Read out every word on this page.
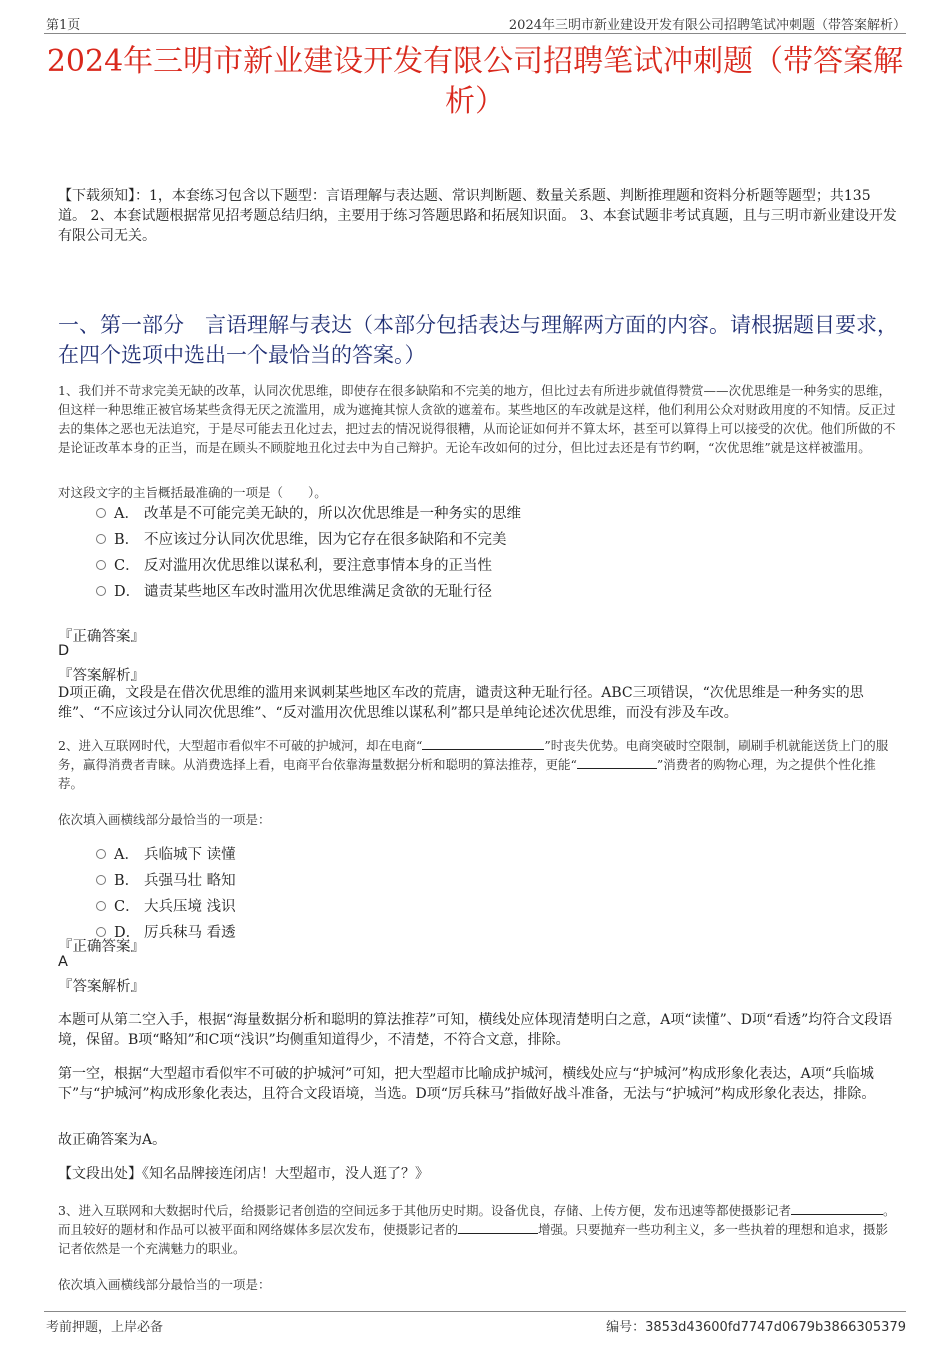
第1页	2024年三明市新业建设开发有限公司招聘笔试冲刺题（带答案解析）
2024年三明市新业建设开发有限公司招聘笔试冲刺题（带答案解析）
【下载须知】：1，本套练习包含以下题型：言语理解与表达题、常识判断题、数量关系题、判断推理题和资料分析题等题型；共135道。 2、本套试题根据常见招考题总结归纳，主要用于练习答题思路和拓展知识面。 3、本套试题非考试真题，且与三明市新业建设开发有限公司无关。
一、第一部分　言语理解与表达（本部分包括表达与理解两方面的内容。请根据题目要求，在四个选项中选出一个最恰当的答案。）
1、我们并不苛求完美无缺的改革，认同次优思维，即使存在很多缺陷和不完美的地方，但比过去有所进步就值得赞赏——次优思维是一种务实的思维，但这样一种思维正被官场某些贪得无厌之流滥用，成为遮掩其惊人贪欲的遮羞布。某些地区的车改就是这样，他们利用公众对财政用度的不知情。反正过去的集体之恶也无法追究，于是尽可能去丑化过去，把过去的情况说得很糟，从而论证如何并不算太坏，甚至可以算得上可以接受的次优。他们所做的不是论证改革本身的正当，而是在顾头不顾腚地丑化过去中为自己辩护。无论车改如何的过分，但比过去还是有节约啊，“次优思维”就是这样被滥用。
对这段文字的主旨概括最准确的一项是（　　）。
A． 改革是不可能完美无缺的，所以次优思维是一种务实的思维
B． 不应该过分认同次优思维，因为它存在很多缺陷和不完美
C． 反对滥用次优思维以谋私利，要注意事情本身的正当性
D． 谴责某些地区车改时滥用次优思维满足贪欲的无耻行径
『正确答案』
D
『答案解析』
D项正确，文段是在借次优思维的滥用来讽刺某些地区车改的荒唐，谴责这种无耻行径。ABC三项错误，“次优思维是一种务实的思维”、“不应该过分认同次优思维”、“反对滥用次优思维以谋私利”都只是单纯论述次优思维，而没有涉及车改。
2、进入互联网时代，大型超市看似牢不可破的护城河，却在电商“	”时丧失优势。电商突破时空限制，刷刷手机就能送货上门的服务，赢得消费者青睐。从消费选择上看，电商平台依靠海量数据分析和聪明的算法推荐，更能“	”消费者的购物心理，为之提供个性化推荐。
依次填入画横线部分最恰当的一项是：
A． 兵临城下 读懂
B． 兵强马壮 略知
C． 大兵压境 浅识
D． 厉兵秣马 看透
『正确答案』
A
『答案解析』
本题可从第二空入手，根据“海量数据分析和聪明的算法推荐”可知，横线处应体现清楚明白之意，A项“读懂”、D项“看透”均符合文段语境，保留。B项“略知”和C项“浅识”均侧重知道得少，不清楚，不符合文意，排除。
第一空，根据“大型超市看似牢不可破的护城河”可知，把大型超市比喻成护城河，横线处应与“护城河”构成形象化表达，A项“兵临城下”与“护城河”构成形象化表达，且符合文段语境，当选。D项“厉兵秣马”指做好战斗准备，无法与“护城河”构成形象化表达，排除。
故正确答案为A。
【文段出处】《知名品牌接连闭店！大型超市，没人逛了？》
3、进入互联网和大数据时代后，给摄影记者创造的空间远多于其他历史时期。设备优良，存储、上传方便，发布迅速等都使摄影记者	。而且较好的题材和作品可以被平面和网络媒体多层次发布，使摄影记者的	增强。只要抛弃一些功利主义，多一些执着的理想和追求，摄影记者依然是一个充满魅力的职业。
依次填入画横线部分最恰当的一项是：
考前押题，上岸必备	编号：3853d43600fd7747d0679b3866305379
